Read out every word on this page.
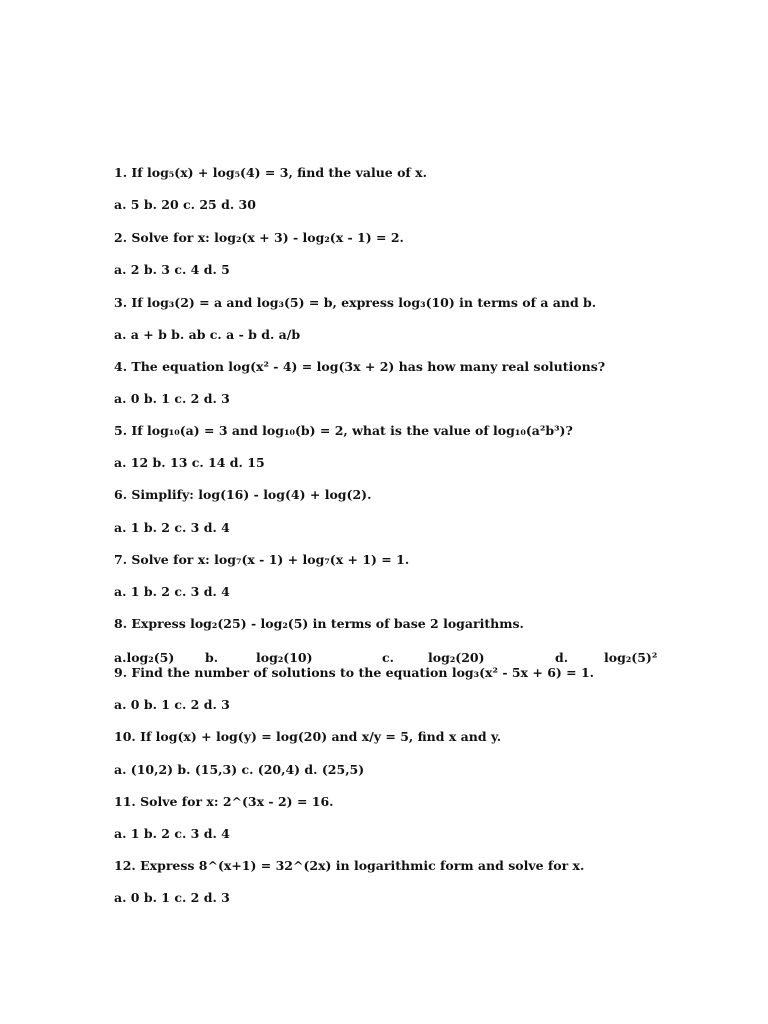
1. If log₅(x) + log₅(4) = 3, find the value of x.
a. 5 b. 20 c. 25 d. 30
2. Solve for x: log₂(x + 3) - log₂(x - 1) = 2.
a. 2 b. 3 c. 4 d. 5
3. If log₃(2) = a and log₃(5) = b, express log₃(10) in terms of a and b.
a. a + b b. ab c. a - b d. a/b
4. The equation log(x² - 4) = log(3x + 2) has how many real solutions?
a. 0 b. 1 c. 2 d. 3
5. If log₁₀(a) = 3 and log₁₀(b) = 2, what is the value of log₁₀(a²b³)?
a. 12 b. 13 c. 14 d. 15
6. Simplify: log(16) - log(4) + log(2).
a. 1 b. 2 c. 3 d. 4
7. Solve for x: log₇(x - 1) + log₇(x + 1) = 1.
a. 1 b. 2 c. 3 d. 4
8. Express log₂(25) - log₂(5) in terms of base 2 logarithms.
a.log₂(5) b.	log₂(10)	c.	log₂(20)	d.	log₂(5)²
9. Find the number of solutions to the equation log₃(x² - 5x + 6) = 1.
a. 0 b. 1 c. 2 d. 3
10. If log(x) + log(y) = log(20) and x/y = 5, find x and y.
a. (10,2) b. (15,3) c. (20,4) d. (25,5)
11. Solve for x: 2^(3x - 2) = 16.
a. 1 b. 2 c. 3 d. 4
12. Express 8^(x+1) = 32^(2x) in logarithmic form and solve for x.
a. 0 b. 1 c. 2 d. 3
